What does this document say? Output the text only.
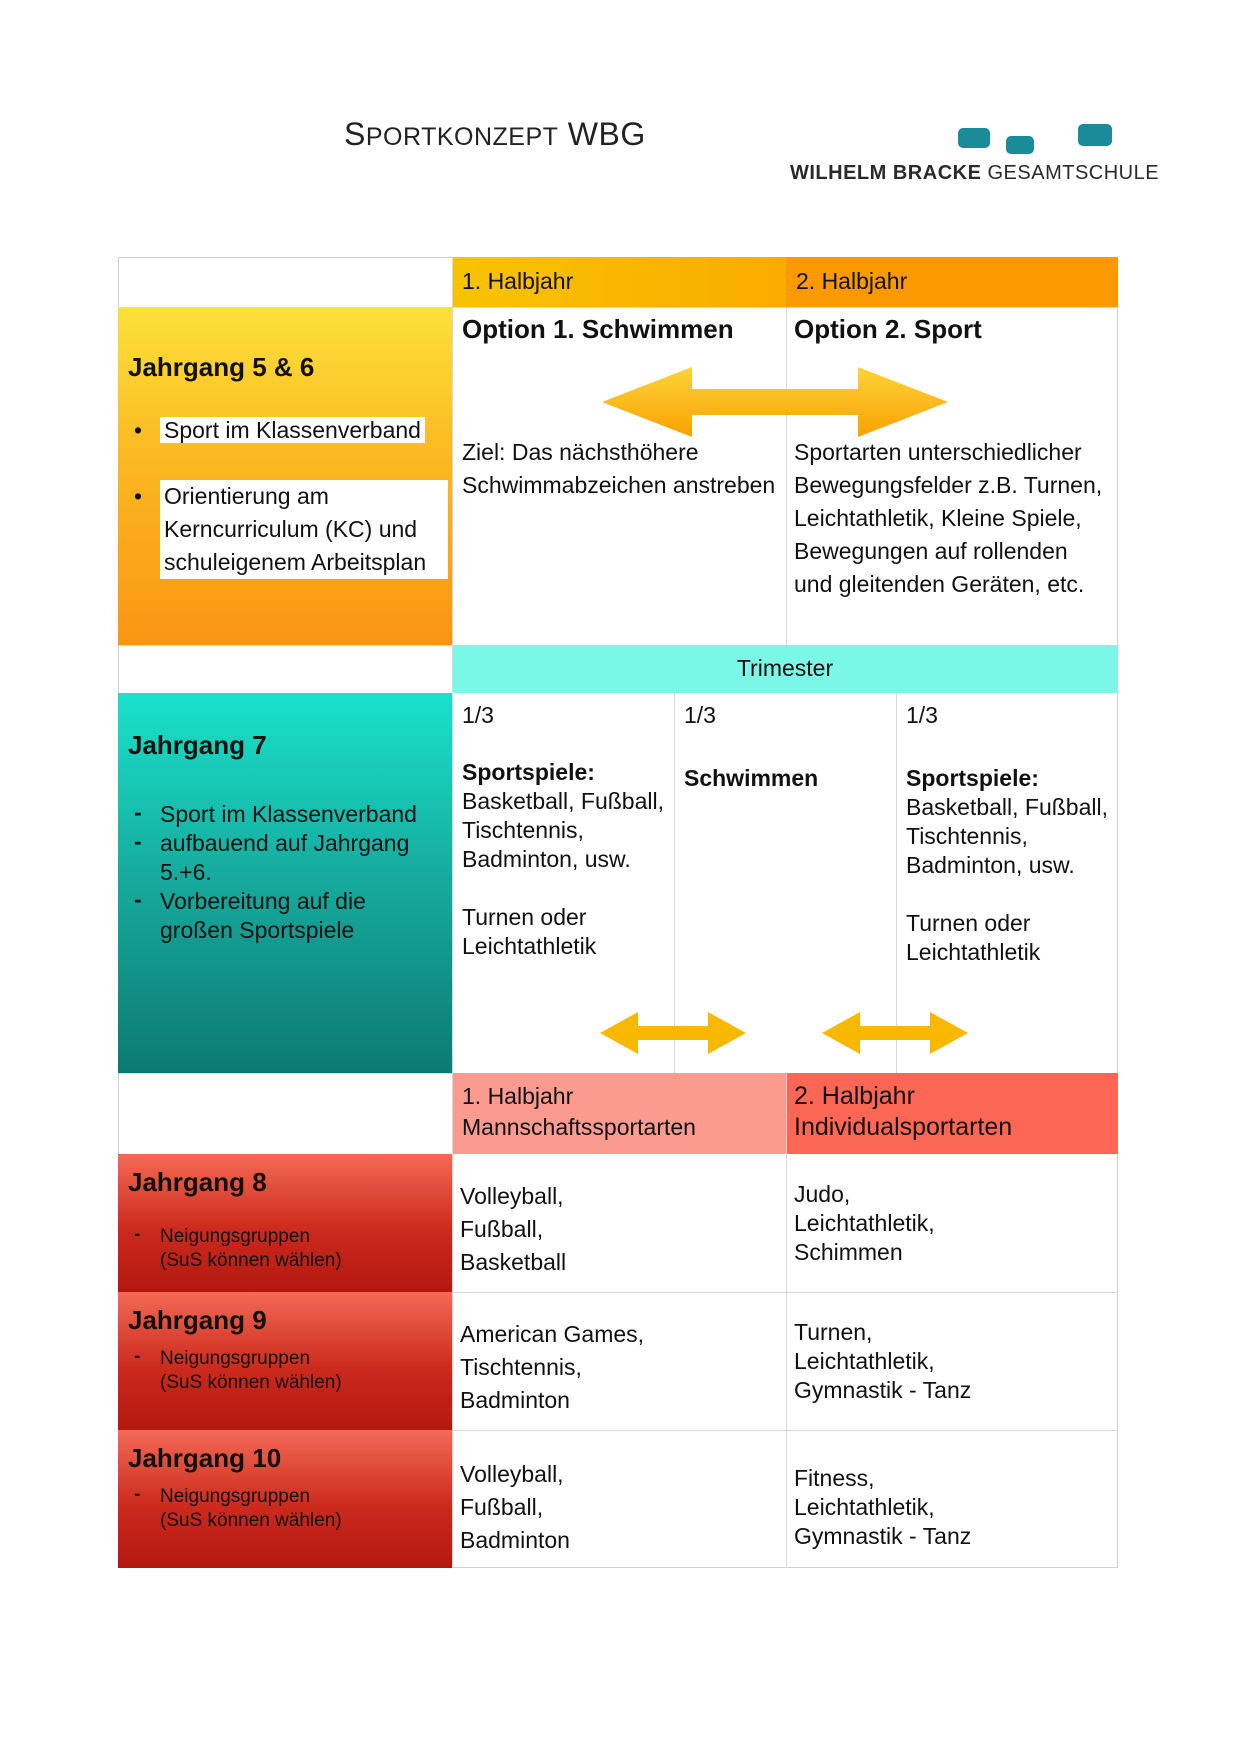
SPORTKONZEPT WBG
WILHELM BRACKE GESAMTSCHULE
1. Halbjahr	2. Halbjahr
Jahrgang 5 & 6
• Sport im Klassenverband
• Orientierung am Kerncurriculum (KC) und schuleigenem Arbeitsplan
Option 1. Schwimmen
Ziel: Das nächsthöhere Schwimmabzeichen anstreben
Option 2. Sport
Sportarten unterschiedlicher Bewegungsfelder z.B. Turnen, Leichtathletik, Kleine Spiele, Bewegungen auf rollenden und gleitenden Geräten, etc.
Trimester
Jahrgang 7
- Sport im Klassenverband
- aufbauend auf Jahrgang 5.+6.
- Vorbereitung auf die großen Sportspiele
1/3
Sportspiele:
Basketball, Fußball, Tischtennis, Badminton, usw.
Turnen oder Leichtathletik
1/3
Schwimmen
1/3
Sportspiele:
Basketball, Fußball, Tischtennis, Badminton, usw.
Turnen oder Leichtathletik
1. Halbjahr
Mannschaftssportarten
2. Halbjahr
Individualsportarten
Jahrgang 8
- Neigungsgruppen
(SuS können wählen)
Volleyball,
Fußball,
Basketball
Judo,
Leichtathletik,
Schimmen
Jahrgang 9
- Neigungsgruppen
(SuS können wählen)
American Games,
Tischtennis,
Badminton
Turnen,
Leichtathletik,
Gymnastik - Tanz
Jahrgang 10
- Neigungsgruppen
(SuS können wählen)
Volleyball,
Fußball,
Badminton
Fitness,
Leichtathletik,
Gymnastik - Tanz
